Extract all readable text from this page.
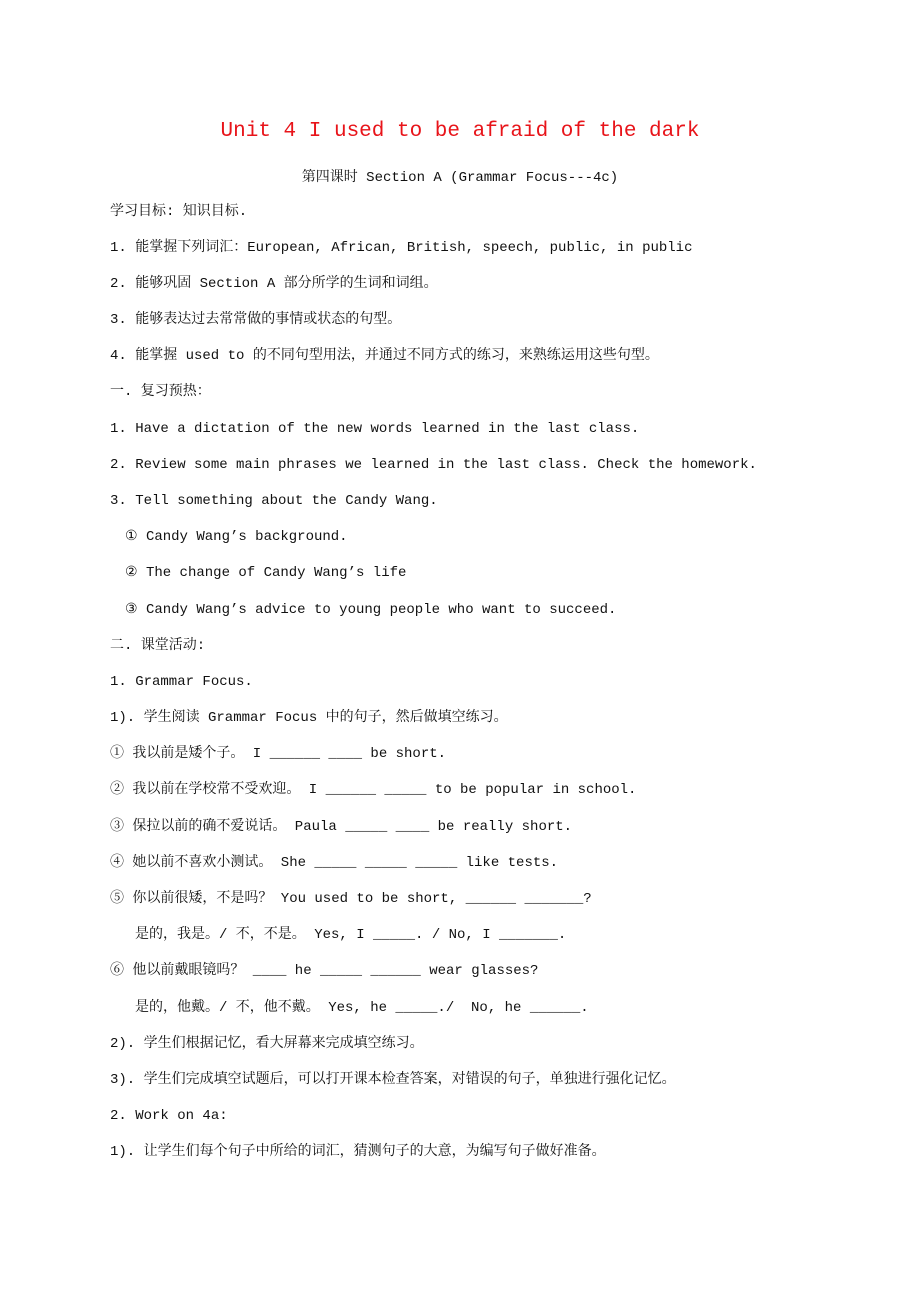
Unit 4 I used to be afraid of the dark
第四课时 Section A (Grammar Focus---4c)
学习目标: 知识目标.
1. 能掌握下列词汇：European, African, British, speech, public, in public
2. 能够巩固 Section A 部分所学的生词和词组。
3. 能够表达过去常常做的事情或状态的句型。
4. 能掌握 used to 的不同句型用法，并通过不同方式的练习，来熟练运用这些句型。
一. 复习预热：
1. Have a dictation of the new words learned in the last class.
2. Review some main phrases we learned in the last class. Check the homework.
3. Tell something about the Candy Wang.
① Candy Wang’s background.
② The change of Candy Wang’s life
③ Candy Wang’s advice to young people who want to succeed.
二. 课堂活动:
1. Grammar Focus.
1). 学生阅读 Grammar Focus 中的句子，然后做填空练习。
① 我以前是矮个子。 I ______ ____ be short.
② 我以前在学校常不受欢迎。 I ______ _____ to be popular in school.
③ 保拉以前的确不爱说话。 Paula _____ ____ be really short.
④ 她以前不喜欢小测试。 She _____ _____ _____ like tests.
⑤ 你以前很矮，不是吗？ You used to be short, ______ _______?
是的，我是。/ 不，不是。 Yes, I _____. / No, I _______.
⑥ 他以前戴眼镜吗？ ____ he _____ ______ wear glasses?
是的，他戴。/ 不，他不戴。 Yes, he _____./  No, he ______.
2). 学生们根据记忆，看大屏幕来完成填空练习。
3). 学生们完成填空试题后，可以打开课本检查答案，对错误的句子，单独进行强化记忆。
2. Work on 4a:
1). 让学生们每个句子中所给的词汇，猜测句子的大意，为编写句子做好准备。
